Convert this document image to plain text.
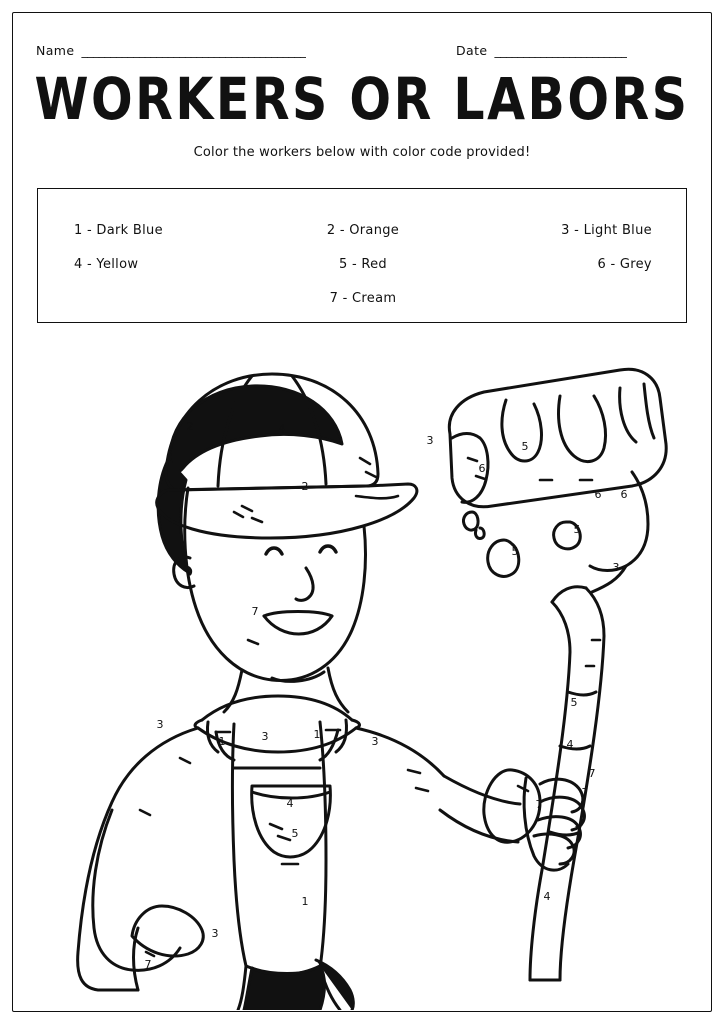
Name _______________________________________	Date _______________________
WORKERS OR LABORS
Color the workers below with color code provided!
1 - Dark Blue	2 - Orange	3 - Light Blue
4 - Yellow	5 - Red	6 - Grey
7 - Cream
2	4
2
7
3
1	3	1
3
4
5
1
3
7
3
6
5
6 6
5
5
3
5
4
7
7
7	7
7
4
